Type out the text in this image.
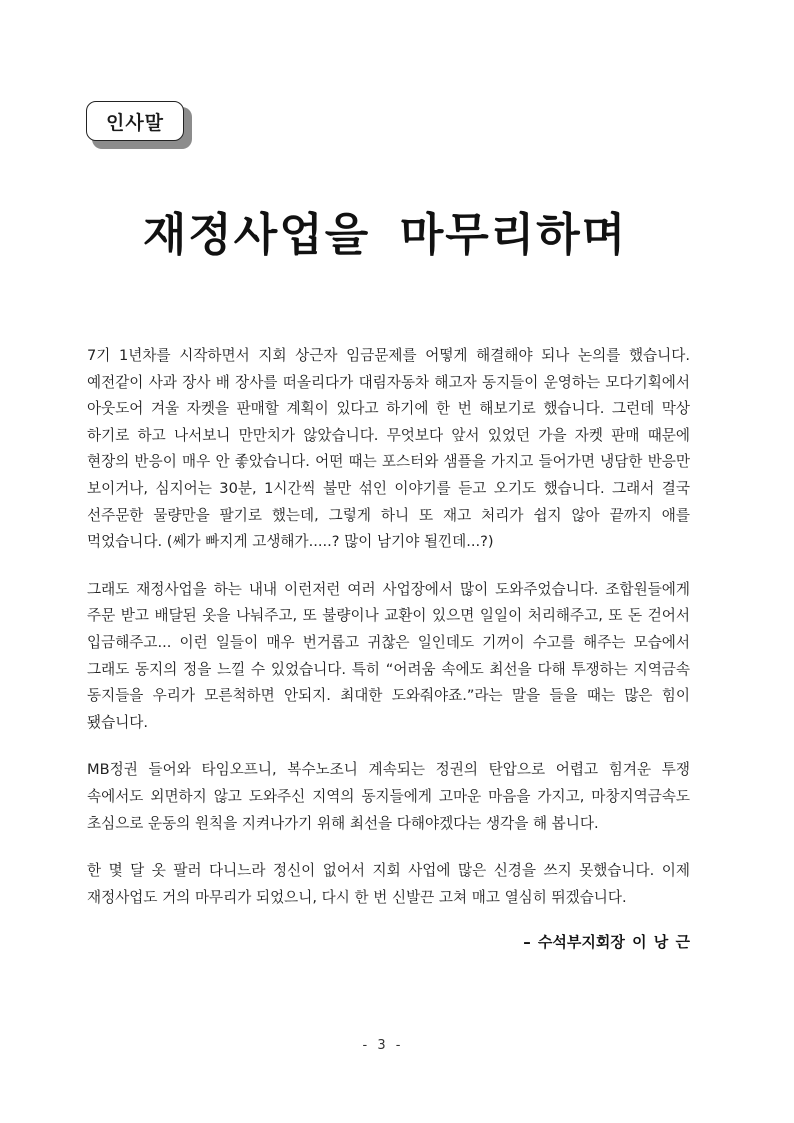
인사말
재정사업을 마무리하며

7기 1년차를 시작하면서 지회 상근자 임금문제를 어떻게 해결해야 되나 논의를 했습니다. 예전같이 사과 장사 배 장사를 떠올리다가 대림자동차 해고자 동지들이 운영하는 모다기획에서 아웃도어 겨울 자켓을 판매할 계획이 있다고 하기에 한 번 해보기로 했습니다. 그런데 막상 하기로 하고 나서보니 만만치가 않았습니다. 무엇보다 앞서 있었던 가을 자켓 판매 때문에 현장의 반응이 매우 안 좋았습니다. 어떤 때는 포스터와 샘플을 가지고 들어가면 냉담한 반응만 보이거나, 심지어는 30분, 1시간씩 불만 섞인 이야기를 듣고 오기도 했습니다. 그래서 결국 선주문한 물량만을 팔기로 했는데, 그렇게 하니 또 재고 처리가 쉽지 않아 끝까지 애를 먹었습니다. (쎄가 빠지게 고생해가.....? 많이 남기야 될낀데...?)

그래도 재정사업을 하는 내내 이런저런 여러 사업장에서 많이 도와주었습니다. 조합원들에게 주문 받고 배달된 옷을 나눠주고, 또 불량이나 교환이 있으면 일일이 처리해주고, 또 돈 걷어서 입금해주고... 이런 일들이 매우 번거롭고 귀찮은 일인데도 기꺼이 수고를 해주는 모습에서 그래도 동지의 정을 느낄 수 있었습니다. 특히 “어려움 속에도 최선을 다해 투쟁하는 지역금속 동지들을 우리가 모른척하면 안되지. 최대한 도와줘야죠.”라는 말을 들을 때는 많은 힘이 됐습니다.

MB정권 들어와 타임오프니, 복수노조니 계속되는 정권의 탄압으로 어렵고 힘겨운 투쟁 속에서도 외면하지 않고 도와주신 지역의 동지들에게 고마운 마음을 가지고, 마창지역금속도 초심으로 운동의 원칙을 지켜나가기 위해 최선을 다해야겠다는 생각을 해 봅니다.

한 몇 달 옷 팔러 다니느라 정신이 없어서 지회 사업에 많은 신경을 쓰지 못했습니다. 이제 재정사업도 거의 마무리가 되었으니, 다시 한 번 신발끈 고쳐 매고 열심히 뛰겠습니다.

– 수석부지회장 이 낭 근
- 3 -
